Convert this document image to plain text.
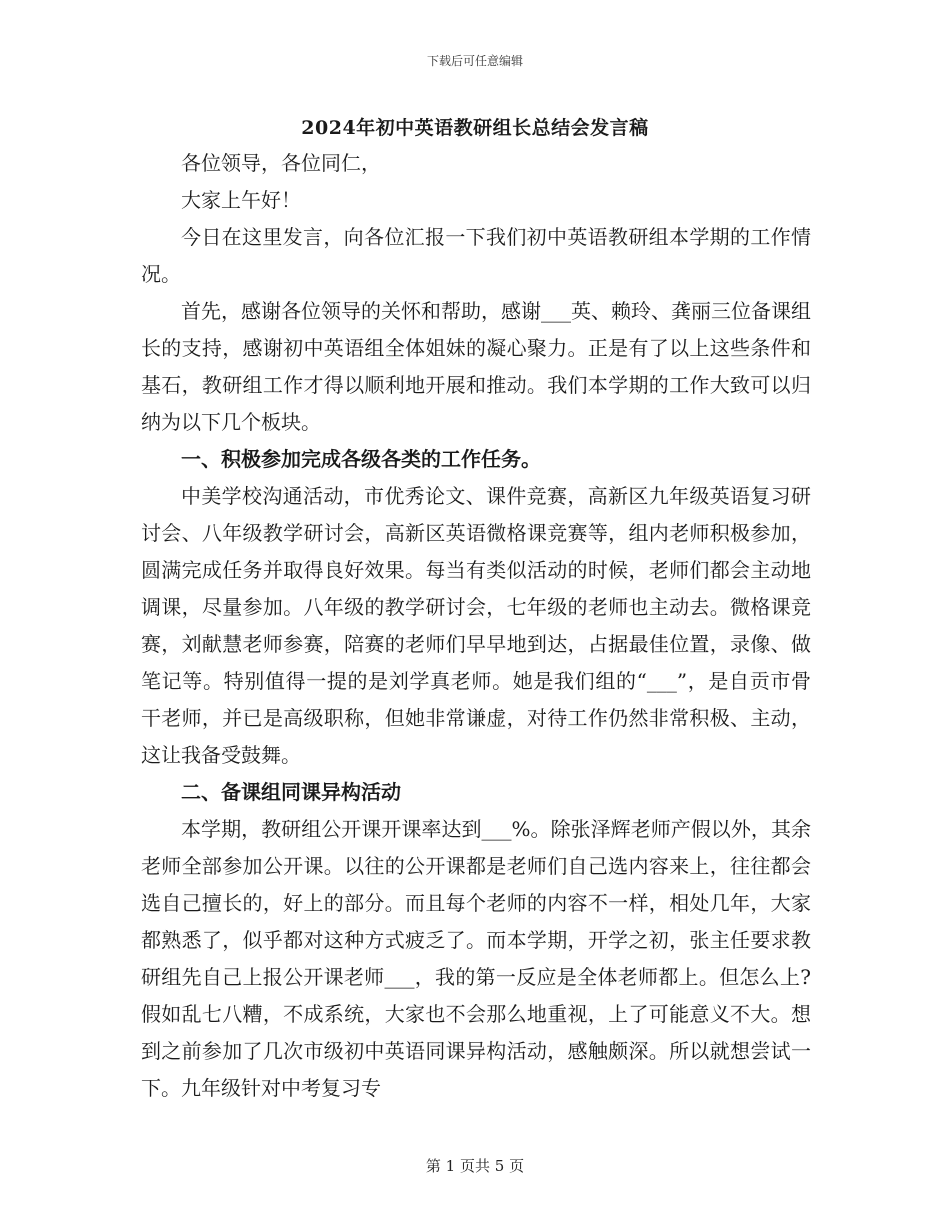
下载后可任意编辑
2024年初中英语教研组长总结会发言稿

各位领导，各位同仁，

大家上午好！

今日在这里发言，向各位汇报一下我们初中英语教研组本学期的工作情况。

首先，感谢各位领导的关怀和帮助，感谢___英、赖玲、龚丽三位备课组长的支持，感谢初中英语组全体姐妹的凝心聚力。正是有了以上这些条件和基石，教研组工作才得以顺利地开展和推动。我们本学期的工作大致可以归纳为以下几个板块。

一、积极参加完成各级各类的工作任务。

中美学校沟通活动，市优秀论文、课件竞赛，高新区九年级英语复习研讨会、八年级教学研讨会，高新区英语微格课竞赛等，组内老师积极参加，圆满完成任务并取得良好效果。每当有类似活动的时候，老师们都会主动地调课，尽量参加。八年级的教学研讨会，七年级的老师也主动去。微格课竞赛，刘献慧老师参赛，陪赛的老师们早早地到达，占据最佳位置，录像、做笔记等。特别值得一提的是刘学真老师。她是我们组的“___”，是自贡市骨干老师，并已是高级职称，但她非常谦虚，对待工作仍然非常积极、主动，这让我备受鼓舞。

二、备课组同课异构活动

本学期，教研组公开课开课率达到___%。除张泽辉老师产假以外，其余老师全部参加公开课。以往的公开课都是老师们自己选内容来上，往往都会选自己擅长的，好上的部分。而且每个老师的内容不一样，相处几年，大家都熟悉了，似乎都对这种方式疲乏了。而本学期，开学之初，张主任要求教研组先自己上报公开课老师___，我的第一反应是全体老师都上。但怎么上?假如乱七八糟，不成系统，大家也不会那么地重视，上了可能意义不大。想到之前参加了几次市级初中英语同课异构活动，感触颇深。所以就想尝试一下。九年级针对中考复习专

第 1 页共 5 页
